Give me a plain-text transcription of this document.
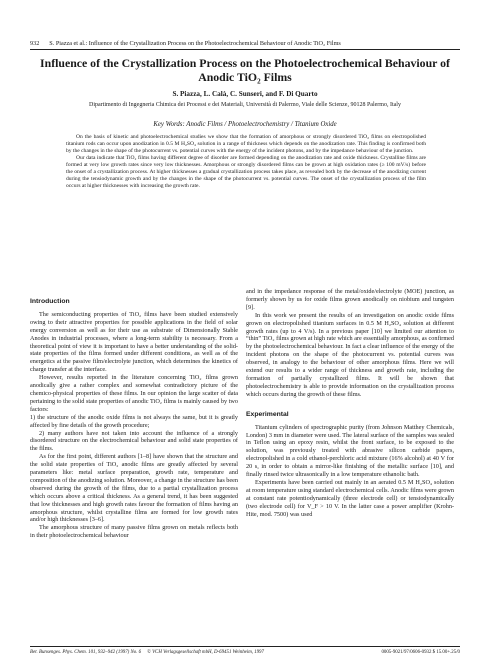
932 S. Piazza et al.: Influence of the Crystallization Process on the Photoelectrochemical Behaviour of Anodic TiO₂ Films
Influence of the Crystallization Process on the Photoelectrochemical Behaviour of Anodic TiO₂ Films
S. Piazza, L. Calà, C. Sunseri, and F. Di Quarto
Dipartimento di Ingegneria Chimica dei Processi e dei Materiali, Università di Palermo, Viale delle Scienze, 90128 Palermo, Italy
Key Words: Anodic Films / Photoelectrochemistry / Titanium Oxide

On the basis of kinetic and photoelectrochemical studies we show that the formation of amorphous or strongly disordered TiO₂ films on electropolished titanium rods can occur upon anodization in 0.5 M H₂SO₄ solution in a range of thickness which depends on the anodization rate. This finding is confirmed both by the changes in the shape of the photocurrent vs. potential curves with the energy of the incident photons, and by the impedance behaviour of the junction.

Our data indicate that TiO₂ films having different degree of disorder are formed depending on the anodization rate and oxide thickness. Crystalline films are formed at very low growth rates since very low thicknesses. Amorphous or strongly disordered films can be grown at high oxidation rates (≥ 100 mV/s) before the onset of a crystallization process. At higher thicknesses a gradual crystallization process takes place, as revealed both by the decrease of the anodizing current during the tensiodynamic growth and by the changes in the shape of the photocurrent vs. potential curves. The onset of the crystallization process of the film occurs at higher thicknesses with increasing the growth rate.

Introduction

The semiconducting properties of TiO₂ films have been studied extensively owing to their attractive properties for possible applications in the field of solar energy conversion as well as for their use as substrate of Dimensionally Stable Anodes in industrial processes, where a long-term stability is necessary. From a theoretical point of view it is important to have a better understanding of the solid-state properties of the films formed under different conditions, as well as of the energetics at the passive film/electrolyte junction, which determines the kinetics of charge transfer at the interface.

However, results reported in the literature concerning TiO₂ films grown anodically give a rather complex and somewhat contradictory picture of the chemico-physical properties of these films. In our opinion the large scatter of data pertaining to the solid state properties of anodic TiO₂ films is mainly caused by two factors:

1) the structure of the anodic oxide films is not always the same, but it is greatly affected by fine details of the growth procedure;

2) many authors have not taken into account the influence of a strongly disordered structure on the electrochemical behaviour and solid state properties of the films.

As for the first point, different authors [1–8] have shown that the structure and the solid state properties of TiO₂ anodic films are greatly affected by several parameters like: metal surface preparation, growth rate, temperature and composition of the anodizing solution. Moreover, a change in the structure has been observed during the growth of the films, due to a partial crystallization process which occurs above a critical thickness. As a general trend, it has been suggested that low thicknesses and high growth rates favour the formation of films having an amorphous structure, whilst crystalline films are formed for low growth rates and/or high thicknesses [3–6].

The amorphous structure of many passive films grown on metals reflects both in their photoelectrochemical behaviour

and in the impedance response of the metal/oxide/electrolyte (MOE) junction, as formerly shown by us for oxide films grown anodically on niobium and tungsten [9].

In this work we present the results of an investigation on anodic oxide films grown on electropolished titanium surfaces in 0.5 M H₂SO₄ solution at different growth rates (up to 4 V/s). In a previous paper [10] we limited our attention to “thin” TiO₂ films grown at high rate which are essentially amorphous, as confirmed by the photoelectrochemical behaviour. In fact a clear influence of the energy of the incident photons on the shape of the photocurrent vs. potential curves was observed, in analogy to the behaviour of other amorphous films. Here we will extend our results to a wider range of thickness and growth rate, including the formation of partially crystallized films. It will be shown that photoelectrochemistry is able to provide information on the crystallization process which occurs during the growth of these films.

Experimental

Titanium cylinders of spectrographic purity (from Johnson Matthey Chemicals, London) 3 mm in diameter were used. The lateral surface of the samples was sealed in Teflon using an epoxy resin, whilst the front surface, to be exposed to the solution, was previously treated with abrasive silicon carbide papers, electropolished in a cold ethanol-perchloric acid mixture (16% alcohol) at 40 V for 20 s, in order to obtain a mirror-like finishing of the metallic surface [10], and finally rinsed twice ultrasonically in a low temperature ethanolic bath.

Experiments have been carried out mainly in an aerated 0.5 M H₂SO₄ solution at room temperature using standard electrochemical cells. Anodic films were grown at constant rate potentiodynamically (three electrode cell) or tensiodynamically (two electrode cell) for V_F > 10 V. In the latter case a power amplifier (Krohn-Hite, mod. 7500) was used

Ber. Bunsenges. Phys. Chem. 101, 932–942 (1997) No. 6 © VCH Verlagsgesellschaft mbH, D-69451 Weinheim, 1997	0005-9021/97/0606-0932 $ 15.00+.25/0
